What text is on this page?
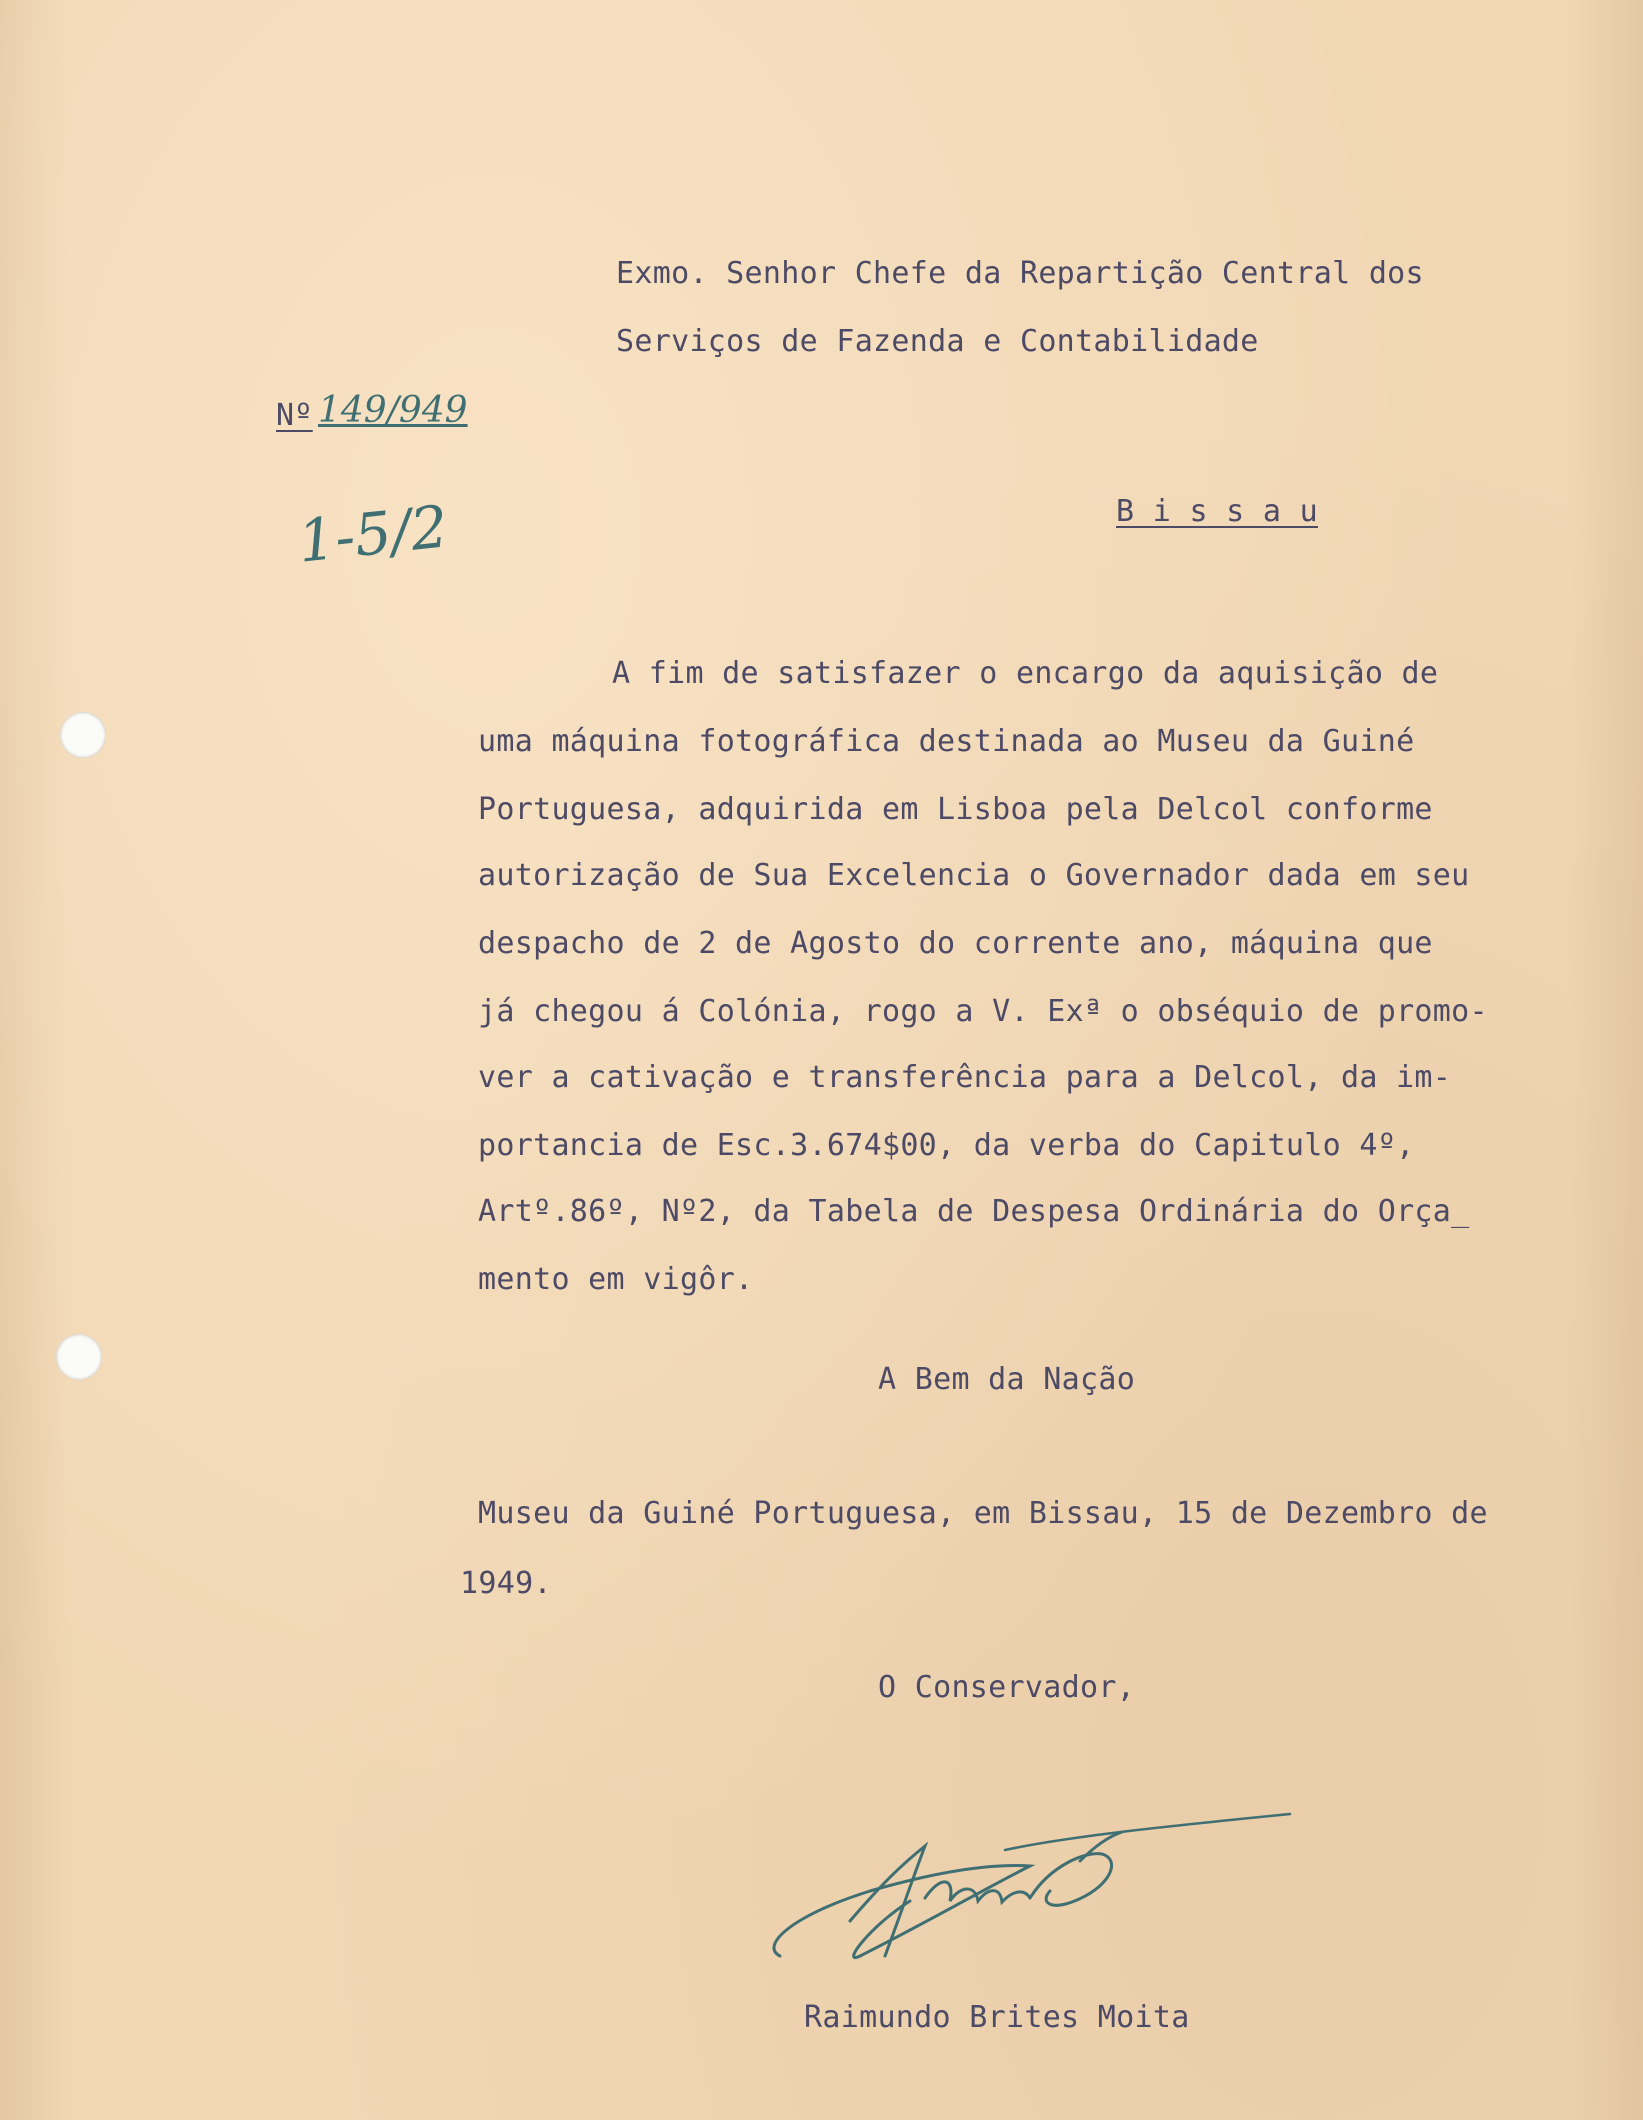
Exmo. Senhor Chefe da Repartição Central dos

Serviços de Fazenda e Contabilidade

Nº 149/949
1-5/2	B i s s a u

A fim de satisfazer o encargo da aquisição de

uma máquina fotográfica destinada ao Museu da Guiné

Portuguesa, adquirida em Lisboa pela Delcol conforme

autorização de Sua Excelencia o Governador dada em seu

despacho de 2 de Agosto do corrente ano, máquina que

já chegou á Colónia, rogo a V. Exª o obséquio de promo-

ver a cativação e transferência para a Delcol, da im-

portancia de Esc.3.674$00, da verba do Capitulo 4º,

Artº.86º, Nº2, da Tabela de Despesa Ordinária do Orça_

mento em vigôr.

A Bem da Nação

Museu da Guiné Portuguesa, em Bissau, 15 de Dezembro de

1949.

O Conservador,

Raimundo Brites Moita
